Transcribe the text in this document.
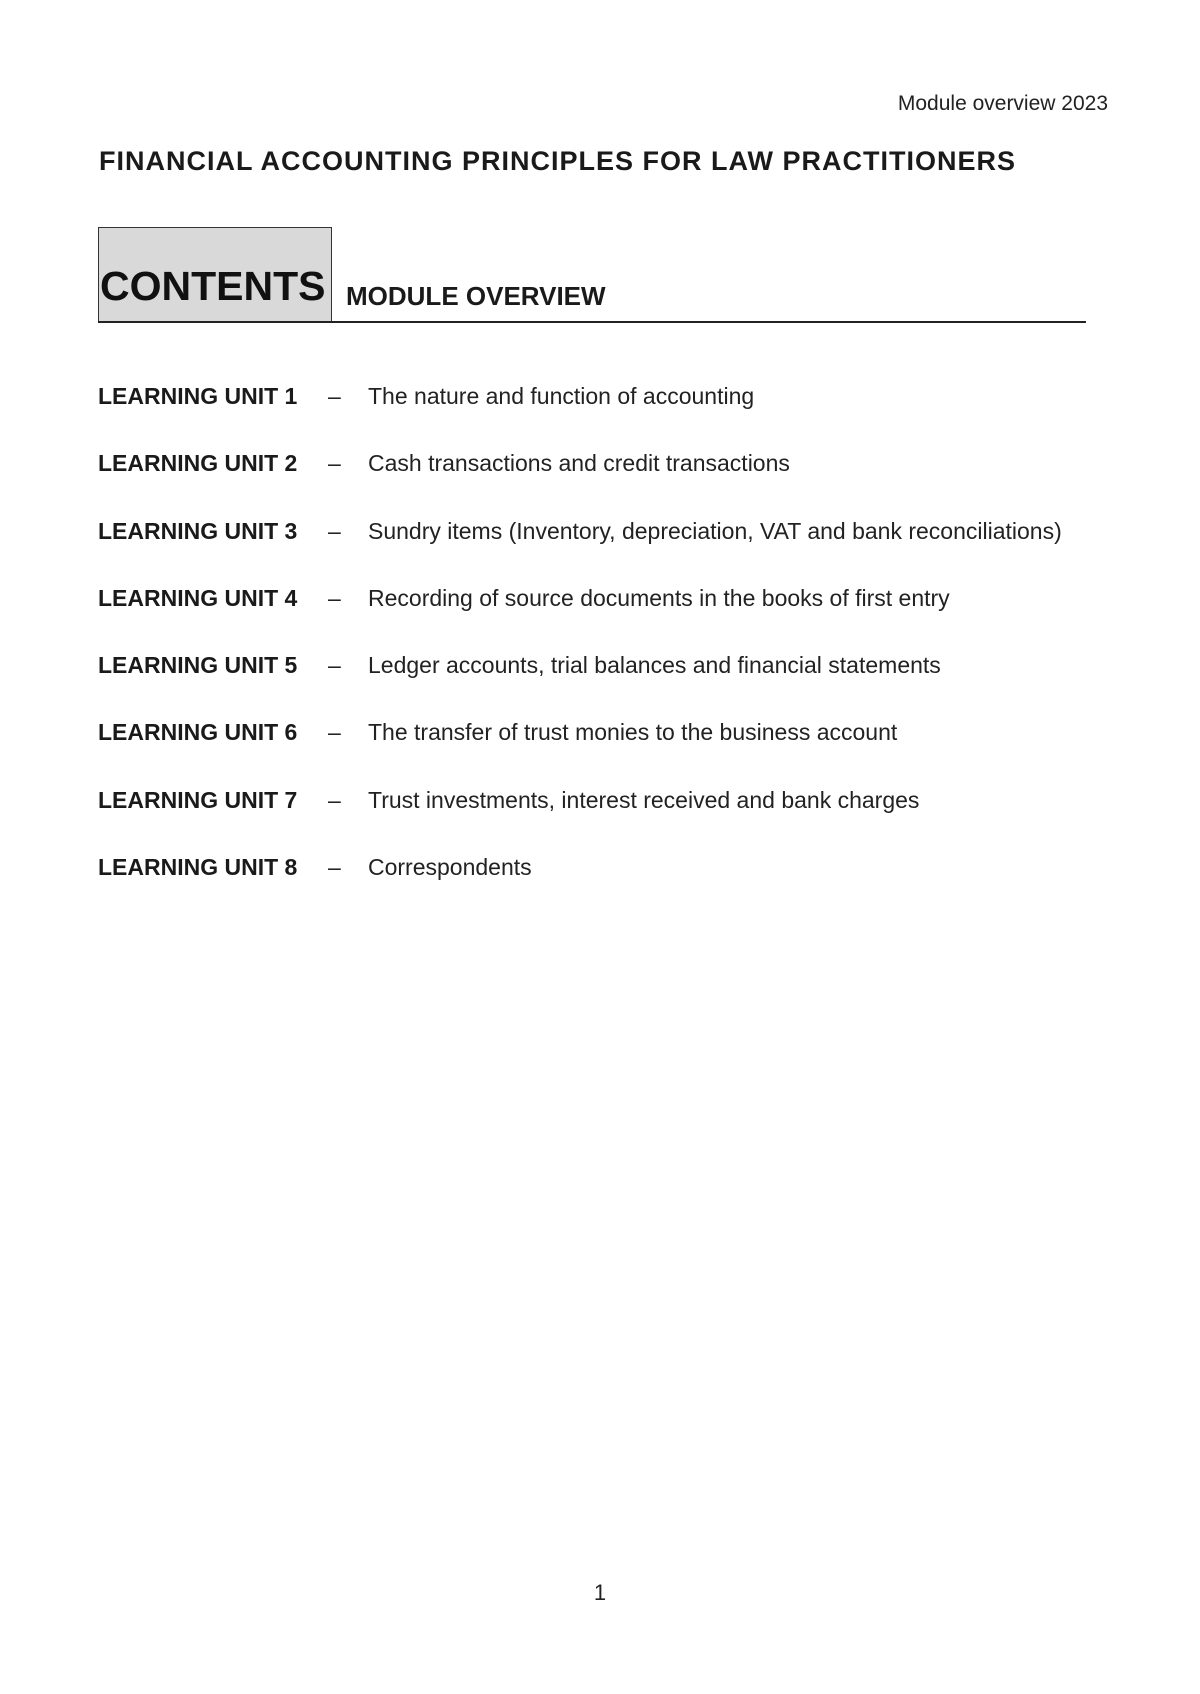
Module overview 2023
FINANCIAL ACCOUNTING PRINCIPLES FOR LAW PRACTITIONERS
CONTENTS MODULE OVERVIEW
LEARNING UNIT 1 – The nature and function of accounting
LEARNING UNIT 2 – Cash transactions and credit transactions
LEARNING UNIT 3 – Sundry items (Inventory, depreciation, VAT and bank reconciliations)
LEARNING UNIT 4 – Recording of source documents in the books of first entry
LEARNING UNIT 5 – Ledger accounts, trial balances and financial statements
LEARNING UNIT 6 – The transfer of trust monies to the business account
LEARNING UNIT 7 – Trust investments, interest received and bank charges
LEARNING UNIT 8 – Correspondents
1
